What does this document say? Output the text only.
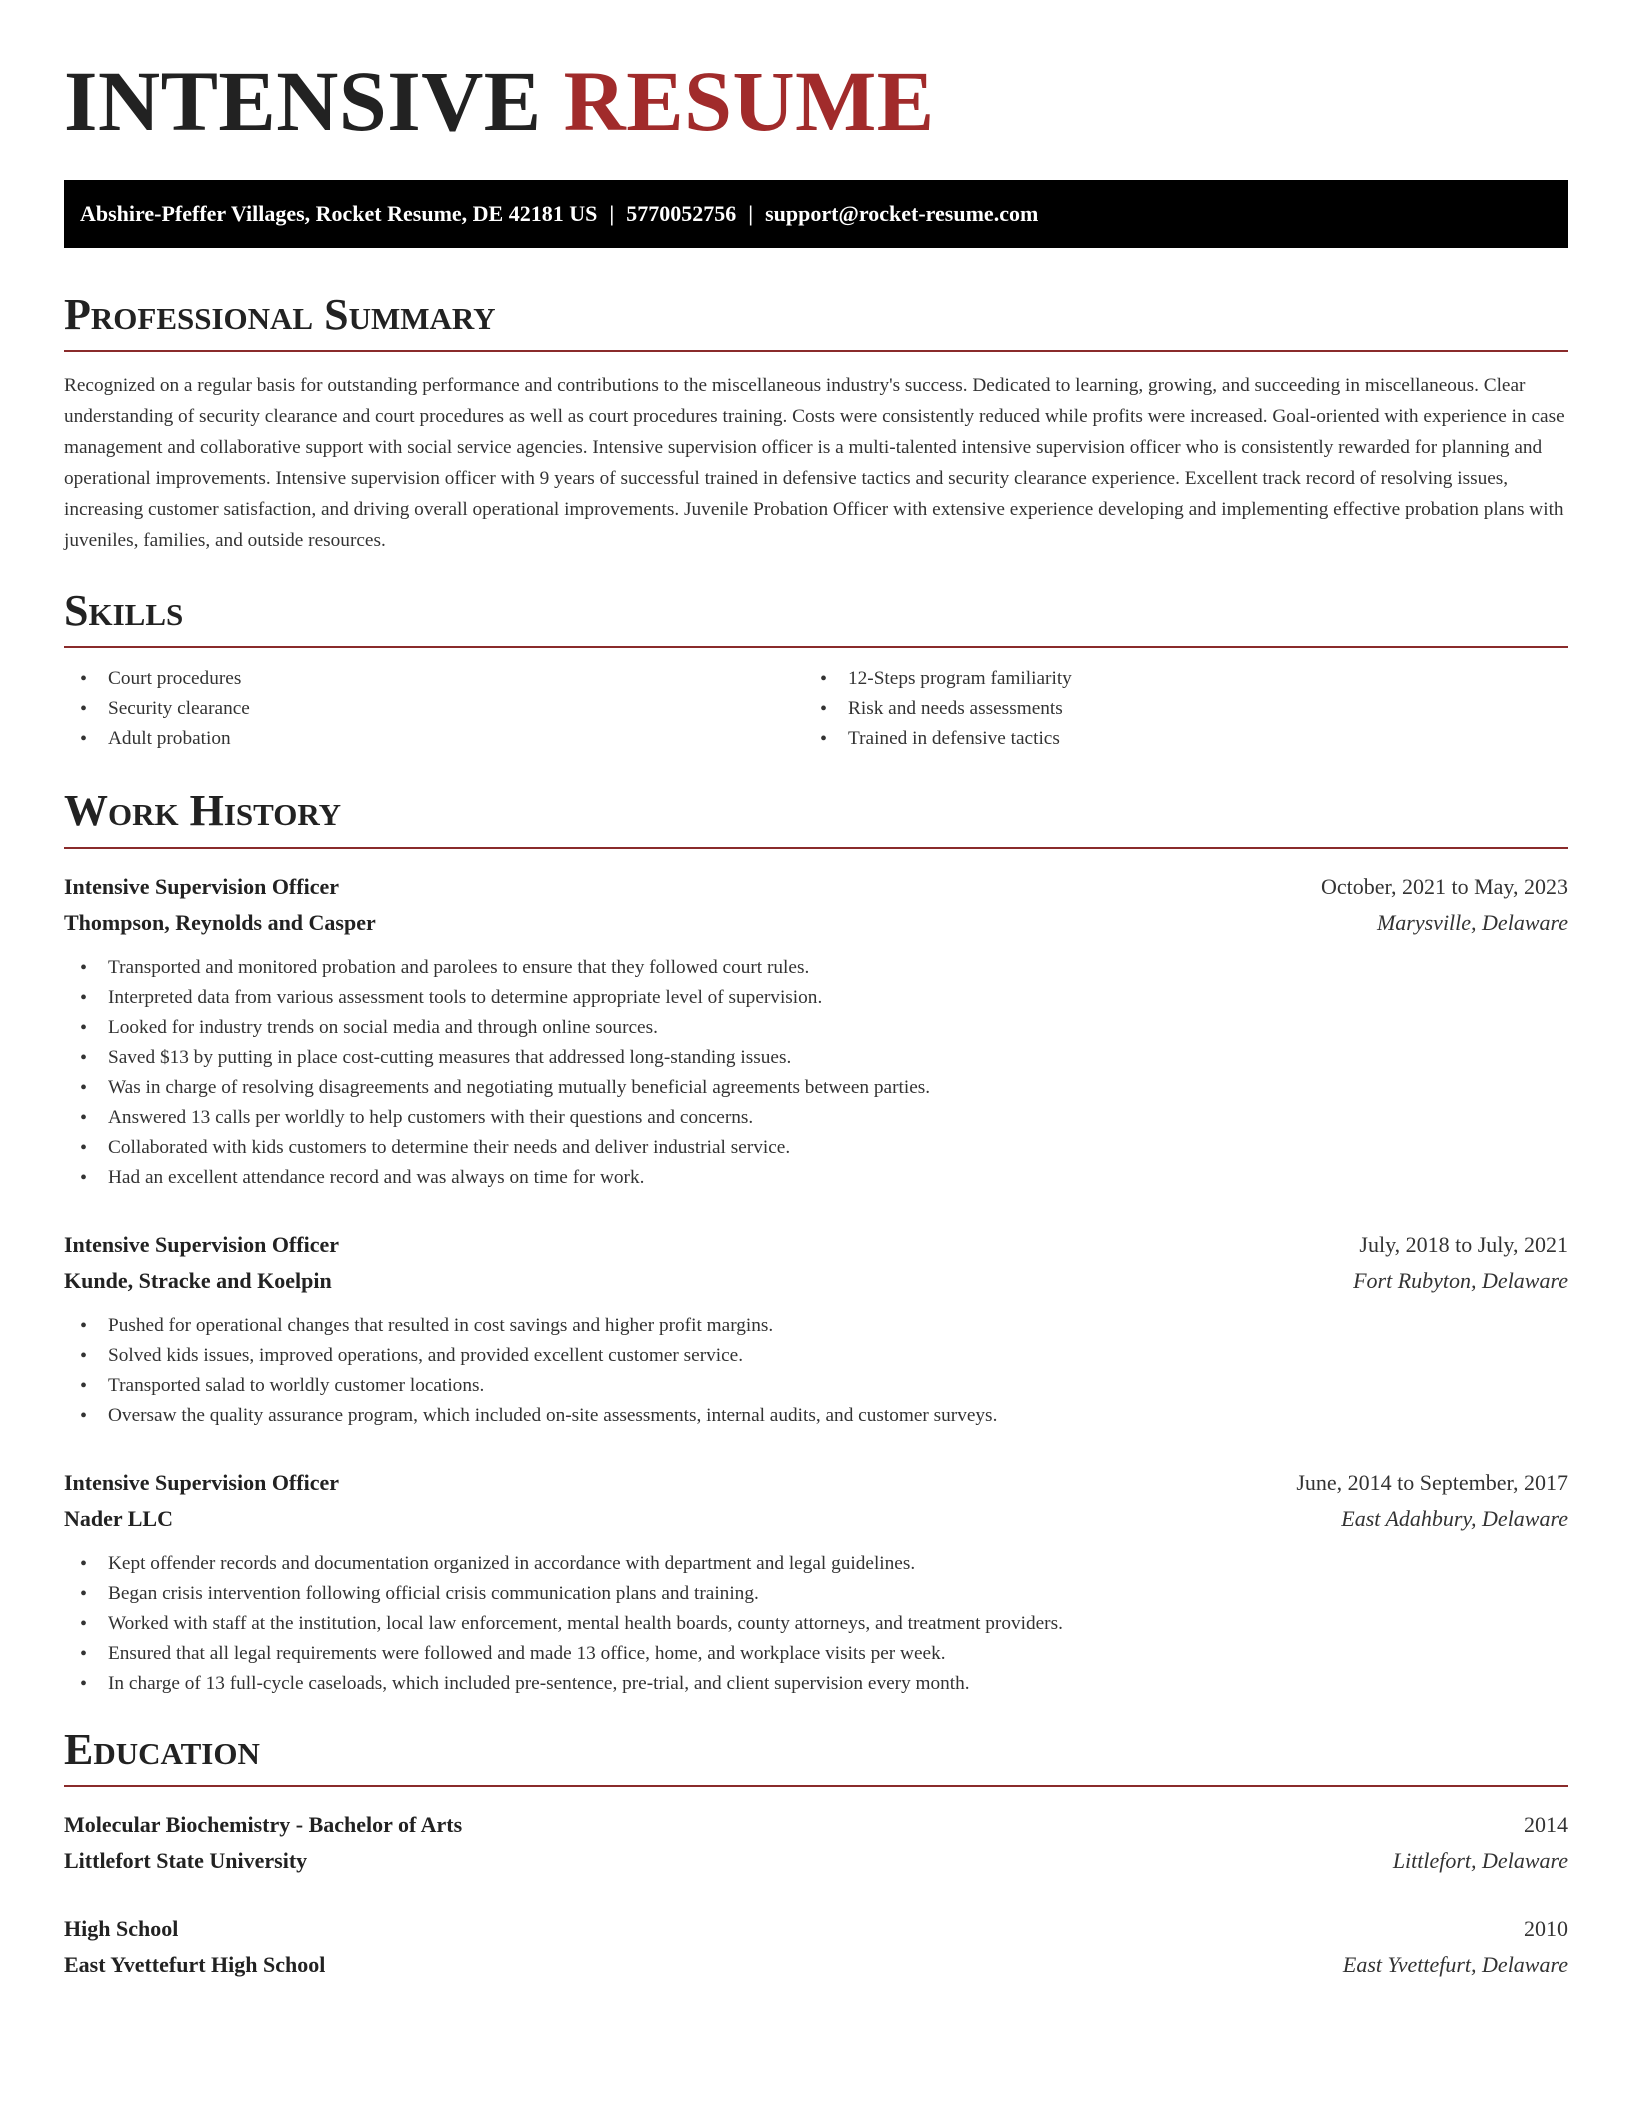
INTENSIVE RESUME
Abshire-Pfeffer Villages, Rocket Resume, DE 42181 US | 5770052756 | support@rocket-resume.com
Professional Summary

Recognized on a regular basis for outstanding performance and contributions to the miscellaneous industry's success. Dedicated to learning, growing, and succeeding in miscellaneous. Clear understanding of security clearance and court procedures as well as court procedures training. Costs were consistently reduced while profits were increased. Goal-oriented with experience in case management and collaborative support with social service agencies. Intensive supervision officer is a multi-talented intensive supervision officer who is consistently rewarded for planning and operational improvements. Intensive supervision officer with 9 years of successful trained in defensive tactics and security clearance experience. Excellent track record of resolving issues, increasing customer satisfaction, and driving overall operational improvements. Juvenile Probation Officer with extensive experience developing and implementing effective probation plans with juveniles, families, and outside resources.

Skills
• Court procedures
• Security clearance
• Adult probation
• 12-Steps program familiarity
• Risk and needs assessments
• Trained in defensive tactics
Work History
Intensive Supervision Officer	October, 2021 to May, 2023
Thompson, Reynolds and Casper	Marysville, Delaware
• Transported and monitored probation and parolees to ensure that they followed court rules.
• Interpreted data from various assessment tools to determine appropriate level of supervision.
• Looked for industry trends on social media and through online sources.
• Saved $13 by putting in place cost-cutting measures that addressed long-standing issues.
• Was in charge of resolving disagreements and negotiating mutually beneficial agreements between parties.
• Answered 13 calls per worldly to help customers with their questions and concerns.
• Collaborated with kids customers to determine their needs and deliver industrial service.
• Had an excellent attendance record and was always on time for work.
Intensive Supervision Officer	July, 2018 to July, 2021
Kunde, Stracke and Koelpin	Fort Rubyton, Delaware
• Pushed for operational changes that resulted in cost savings and higher profit margins.
• Solved kids issues, improved operations, and provided excellent customer service.
• Transported salad to worldly customer locations.
• Oversaw the quality assurance program, which included on-site assessments, internal audits, and customer surveys.
Intensive Supervision Officer	June, 2014 to September, 2017
Nader LLC	East Adahbury, Delaware
• Kept offender records and documentation organized in accordance with department and legal guidelines.
• Began crisis intervention following official crisis communication plans and training.
• Worked with staff at the institution, local law enforcement, mental health boards, county attorneys, and treatment providers.
• Ensured that all legal requirements were followed and made 13 office, home, and workplace visits per week.
• In charge of 13 full-cycle caseloads, which included pre-sentence, pre-trial, and client supervision every month.
Education
Molecular Biochemistry - Bachelor of Arts	2014
Littlefort State University	Littlefort, Delaware
High School	2010
East Yvettefurt High School	East Yvettefurt, Delaware
